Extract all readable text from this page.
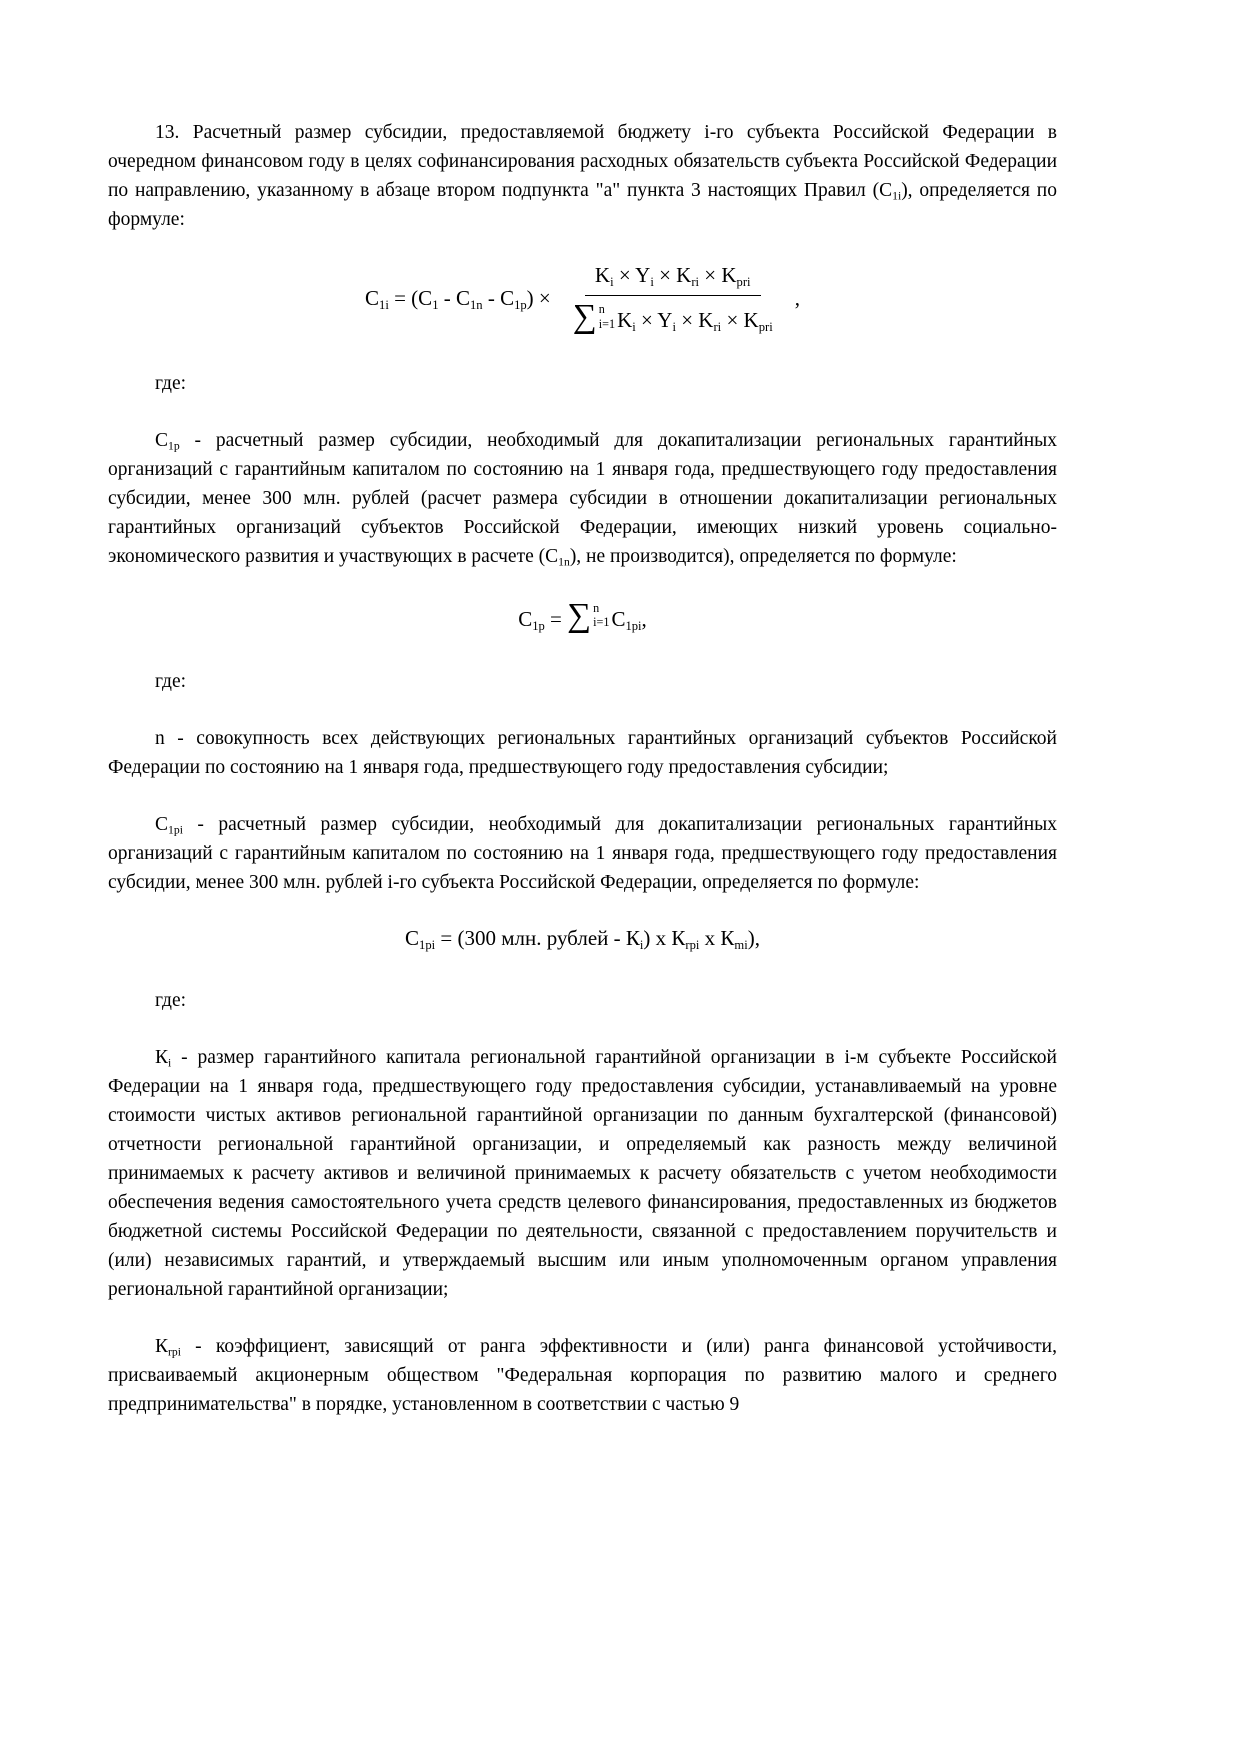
13. Расчетный размер субсидии, предоставляемой бюджету i-го субъекта Российской Федерации в очередном финансовом году в целях софинансирования расходных обязательств субъекта Российской Федерации по направлению, указанному в абзаце втором подпункта "а" пункта 3 настоящих Правил $(C_{1i})$, определяется по формуле:

$C_{1i} = (C_1 - C_{1n} - C_{1p}) \times K_i \times Y_i \times K_{ri} \times K_{pri}$
∑ n
i=1 $K_i \times Y_i \times K_{ri} \times K_{pri}$ ,

где:

$C_{1p}$ - расчетный размер субсидии, необходимый для докапитализации региональных гарантийных организаций с гарантийным капиталом по состоянию на 1 января года, предшествующего году предоставления субсидии, менее 300 млн. рублей (расчет размера субсидии в отношении докапитализации региональных гарантийных организаций субъектов Российской Федерации, имеющих низкий уровень социально-экономического развития и участвующих в расчете $(C_{1n})$, не производится), определяется по формуле:

$C_{1p}$ = ∑ n
i=1 $C_{1pi}$,

где:

n - совокупность всех действующих региональных гарантийных организаций субъектов Российской Федерации по состоянию на 1 января года, предшествующего году предоставления субсидии;

$C_{1pi}$ - расчетный размер субсидии, необходимый для докапитализации региональных гарантийных организаций с гарантийным капиталом по состоянию на 1 января года, предшествующего году предоставления субсидии, менее 300 млн. рублей i-го субъекта Российской Федерации, определяется по формуле:

$C_{1pi} = (300$ млн. рублей - $К_i$) х $К_{rpi}$ х $К_{mi}$),

где:

$К_i$ - размер гарантийного капитала региональной гарантийной организации в i-м субъекте Российской Федерации на 1 января года, предшествующего году предоставления субсидии, устанавливаемый на уровне стоимости чистых активов региональной гарантийной организации по данным бухгалтерской (финансовой) отчетности региональной гарантийной организации, и определяемый как разность между величиной принимаемых к расчету активов и величиной принимаемых к расчету обязательств с учетом необходимости обеспечения ведения самостоятельного учета средств целевого финансирования, предоставленных из бюджетов бюджетной системы Российской Федерации по деятельности, связанной с предоставлением поручительств и (или) независимых гарантий, и утверждаемый высшим или иным уполномоченным органом управления региональной гарантийной организации;

$К_{rpi}$ - коэффициент, зависящий от ранга эффективности и (или) ранга финансовой устойчивости, присваиваемый акционерным обществом "Федеральная корпорация по развитию малого и среднего предпринимательства" в порядке, установленном в соответствии с частью 9
